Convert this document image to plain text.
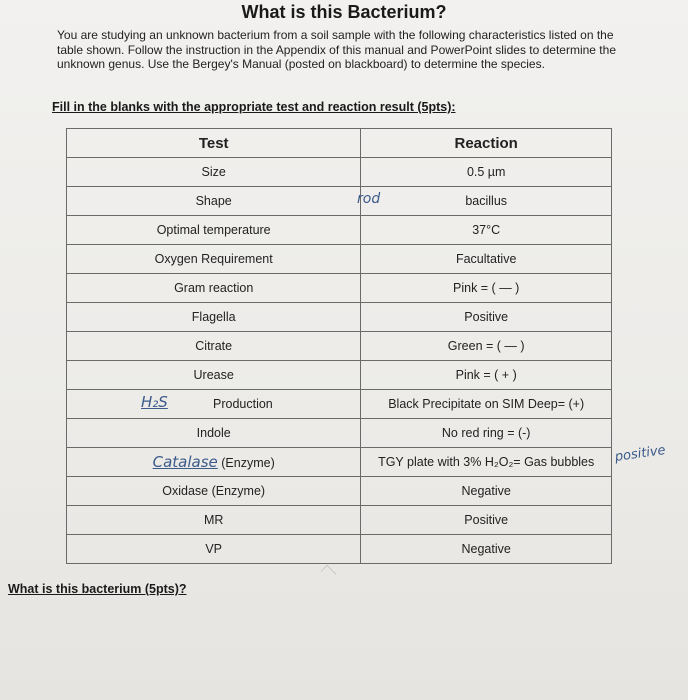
What is this Bacterium?
You are studying an unknown bacterium from a soil sample with the following characteristics listed on the table shown. Follow the instruction in the Appendix of this manual and PowerPoint slides to determine the unknown genus. Use the Bergey's Manual (posted on blackboard) to determine the species.
Fill in the blanks with the appropriate test and reaction result (5pts):
Test	Reaction
Size	0.5 µm
Shape rod	bacillus
Optimal temperature	37°C
Oxygen Requirement	Facultative
Gram reaction	Pink = ( — )
Flagella	Positive
Citrate	Green = ( — )
Urease	Pink = ( + )

H₂S Production	Black Precipitate on SIM Deep= (+)
Indole	No red ring = (-)
Catalase (Enzyme)	TGY plate with 3% H₂O₂= Gas bubbles
Oxidase (Enzyme)	Negative
MR	Positive
VP	Negative
positive
What is this bacterium (5pts)?
